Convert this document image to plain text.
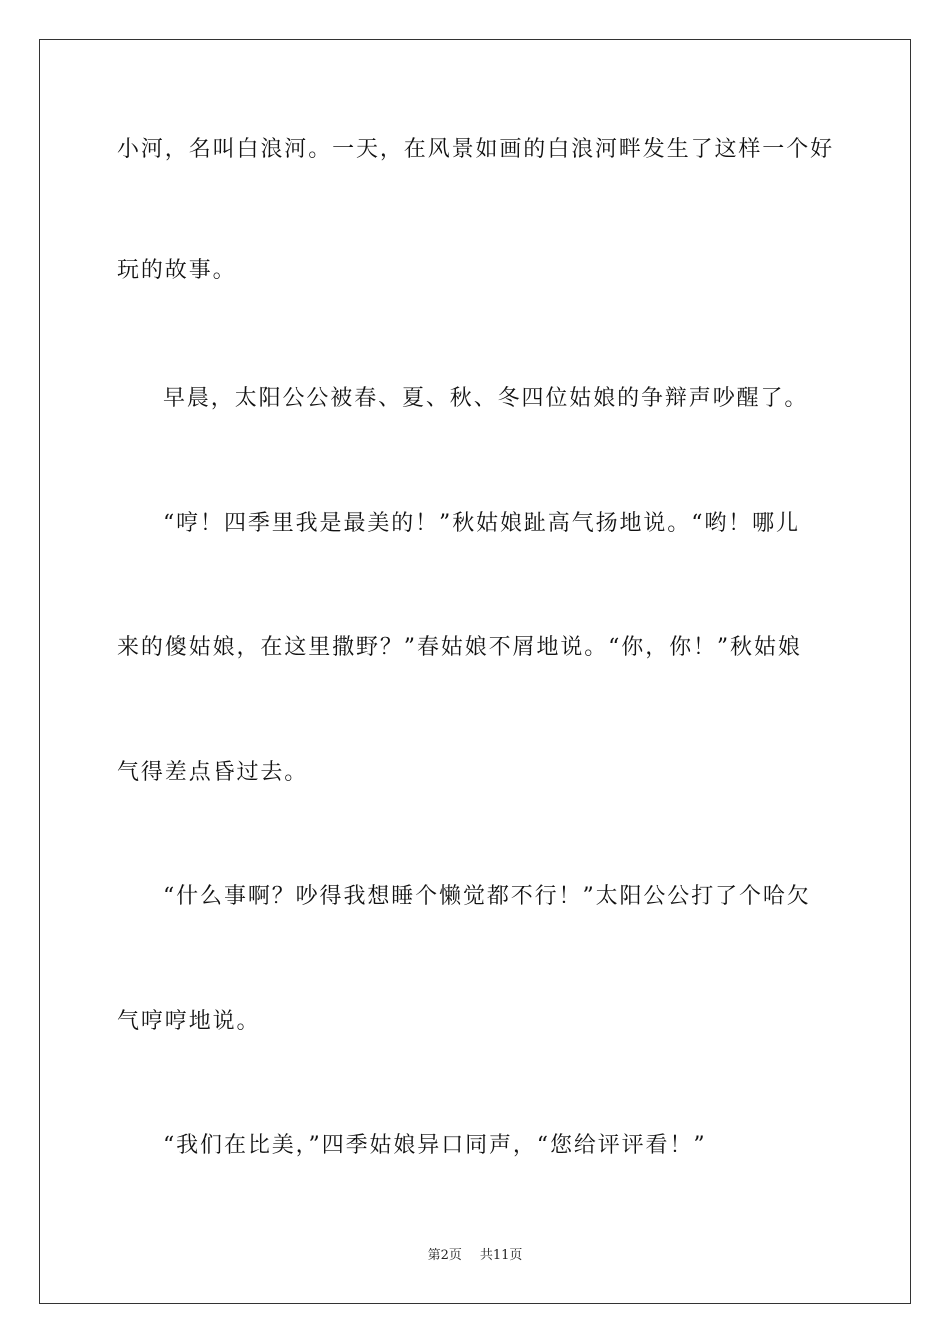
小河，名叫白浪河。一天，在风景如画的白浪河畔发生了这样一个好
玩的故事。
早晨，太阳公公被春、夏、秋、冬四位姑娘的争辩声吵醒了。
“哼！四季里我是最美的！”秋姑娘趾高气扬地说。“哟！哪儿
来的傻姑娘，在这里撒野？”春姑娘不屑地说。“你，你！”秋姑娘
气得差点昏过去。
“什么事啊？吵得我想睡个懒觉都不行！”太阳公公打了个哈欠
气哼哼地说。
“我们在比美，”四季姑娘异口同声，“您给评评看！”
第2页 共11页
